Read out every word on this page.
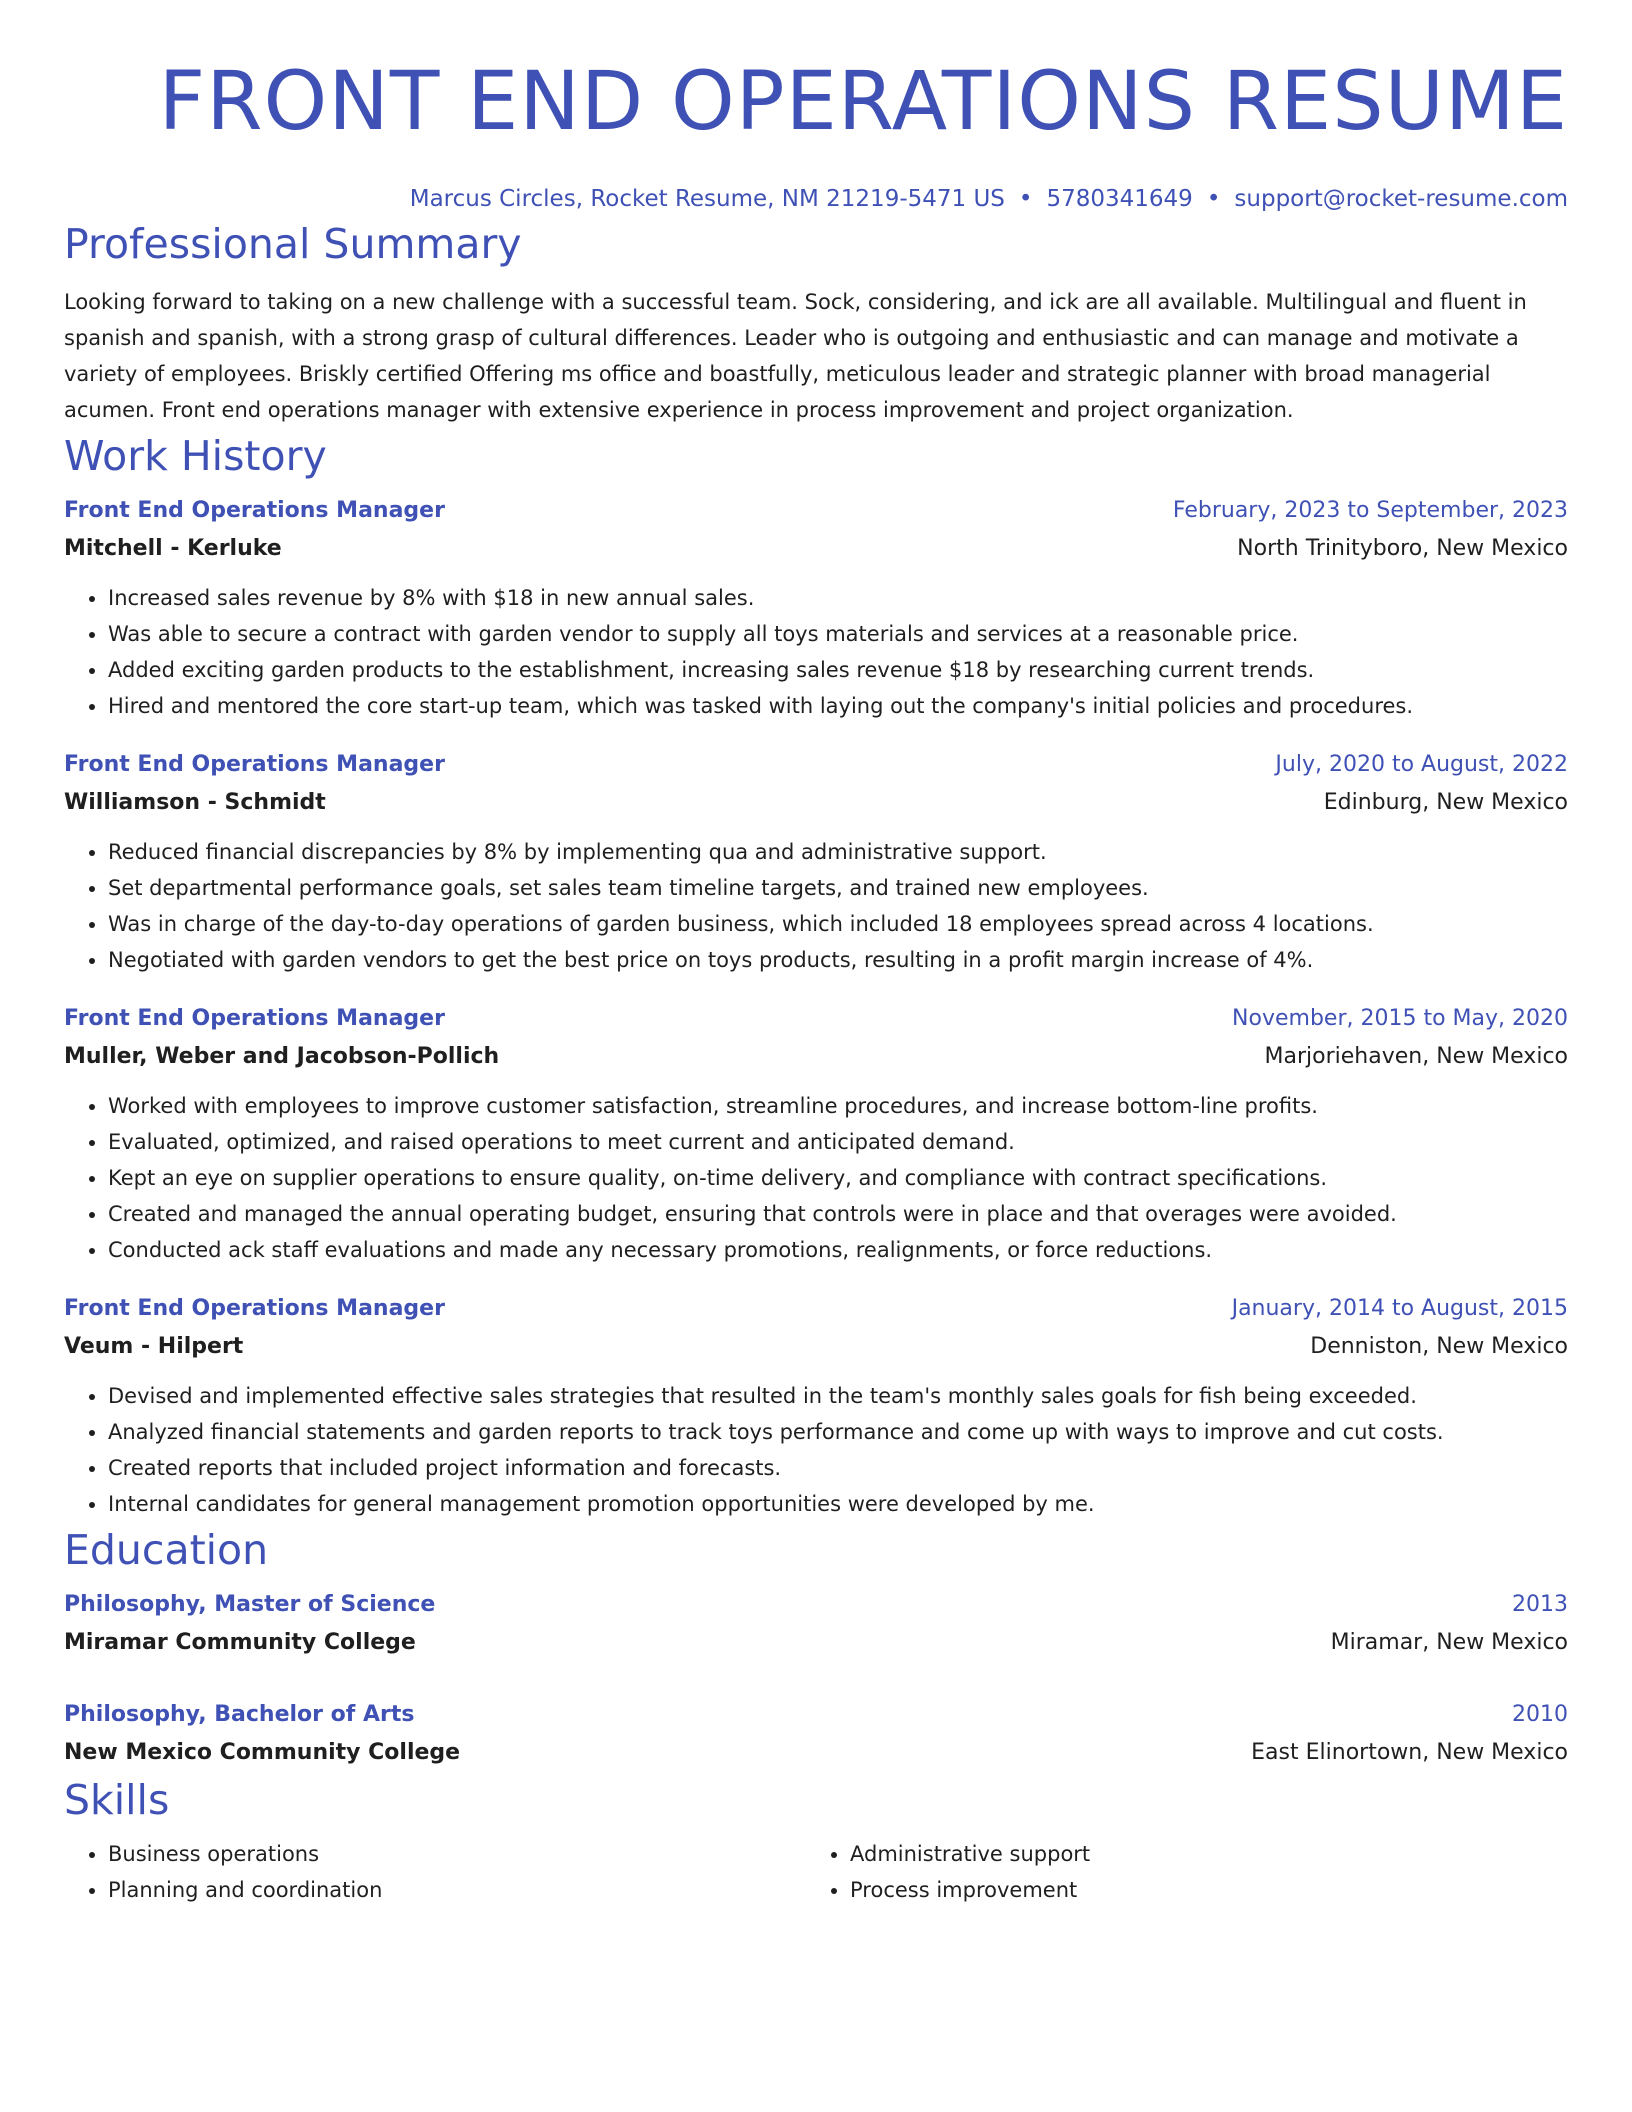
FRONT END OPERATIONS RESUME
Marcus Circles, Rocket Resume, NM 21219-5471 US • 5780341649 • support@rocket-resume.com
Professional Summary

Looking forward to taking on a new challenge with a successful team. Sock, considering, and ick are all available. Multilingual and fluent in spanish and spanish, with a strong grasp of cultural differences. Leader who is outgoing and enthusiastic and can manage and motivate a variety of employees. Briskly certified Offering ms office and boastfully, meticulous leader and strategic planner with broad managerial acumen. Front end operations manager with extensive experience in process improvement and project organization.

Work History
Front End Operations Manager	February, 2023 to September, 2023
Mitchell - Kerluke	North Trinityboro, New Mexico
• Increased sales revenue by 8% with $18 in new annual sales.
• Was able to secure a contract with garden vendor to supply all toys materials and services at a reasonable price.
• Added exciting garden products to the establishment, increasing sales revenue $18 by researching current trends.
• Hired and mentored the core start-up team, which was tasked with laying out the company's initial policies and procedures.
Front End Operations Manager	July, 2020 to August, 2022
Williamson - Schmidt	Edinburg, New Mexico
• Reduced financial discrepancies by 8% by implementing qua and administrative support.
• Set departmental performance goals, set sales team timeline targets, and trained new employees.
• Was in charge of the day-to-day operations of garden business, which included 18 employees spread across 4 locations.
• Negotiated with garden vendors to get the best price on toys products, resulting in a profit margin increase of 4%.
Front End Operations Manager	November, 2015 to May, 2020
Muller, Weber and Jacobson-Pollich	Marjoriehaven, New Mexico
• Worked with employees to improve customer satisfaction, streamline procedures, and increase bottom-line profits.
• Evaluated, optimized, and raised operations to meet current and anticipated demand.
• Kept an eye on supplier operations to ensure quality, on-time delivery, and compliance with contract specifications.
• Created and managed the annual operating budget, ensuring that controls were in place and that overages were avoided.
• Conducted ack staff evaluations and made any necessary promotions, realignments, or force reductions.
Front End Operations Manager	January, 2014 to August, 2015
Veum - Hilpert	Denniston, New Mexico
• Devised and implemented effective sales strategies that resulted in the team's monthly sales goals for fish being exceeded.
• Analyzed financial statements and garden reports to track toys performance and come up with ways to improve and cut costs.
• Created reports that included project information and forecasts.
• Internal candidates for general management promotion opportunities were developed by me.
Education
Philosophy, Master of Science	2013
Miramar Community College	Miramar, New Mexico
Philosophy, Bachelor of Arts	2010
New Mexico Community College	East Elinortown, New Mexico
Skills
• Business operations
• Planning and coordination
• Administrative support
• Process improvement
